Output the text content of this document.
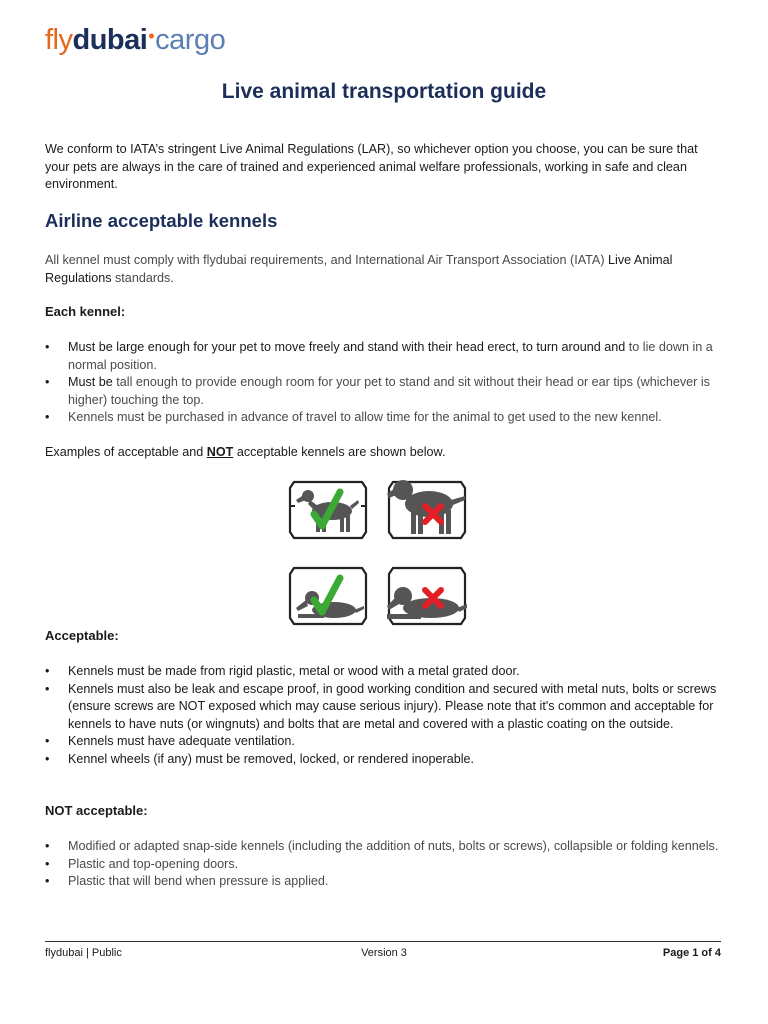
flydubai•cargo
Live animal transportation guide

We conform to IATA’s stringent Live Animal Regulations (LAR), so whichever option you choose, you can be sure that your pets are always in the care of trained and experienced animal welfare professionals, working in safe and clean environment.

Airline acceptable kennels

All kennel must comply with flydubai requirements, and International Air Transport Association (IATA) Live Animal Regulations standards.

Each kennel:
• Must be large enough for your pet to move freely and stand with their head erect, to turn around and to lie down in a normal position.
• Must be tall enough to provide enough room for your pet to stand and sit without their head or ear tips (whichever is higher) touching the top.
• Kennels must be purchased in advance of travel to allow time for the animal to get used to the new kennel.

Examples of acceptable and NOT acceptable kennels are shown below.

Acceptable:
• Kennels must be made from rigid plastic, metal or wood with a metal grated door.
• Kennels must also be leak and escape proof, in good working condition and secured with metal nuts, bolts or screws (ensure screws are NOT exposed which may cause serious injury). Please note that it's common and acceptable for kennels to have nuts (or wingnuts) and bolts that are metal and covered with a plastic coating on the outside.
• Kennels must have adequate ventilation.
• Kennel wheels (if any) must be removed, locked, or rendered inoperable.
NOT acceptable:
• Modified or adapted snap-side kennels (including the addition of nuts, bolts or screws), collapsible or folding kennels.
• Plastic and top-opening doors.
• Plastic that will bend when pressure is applied.
flydubai | Public	Version 3	Page 1 of 4
